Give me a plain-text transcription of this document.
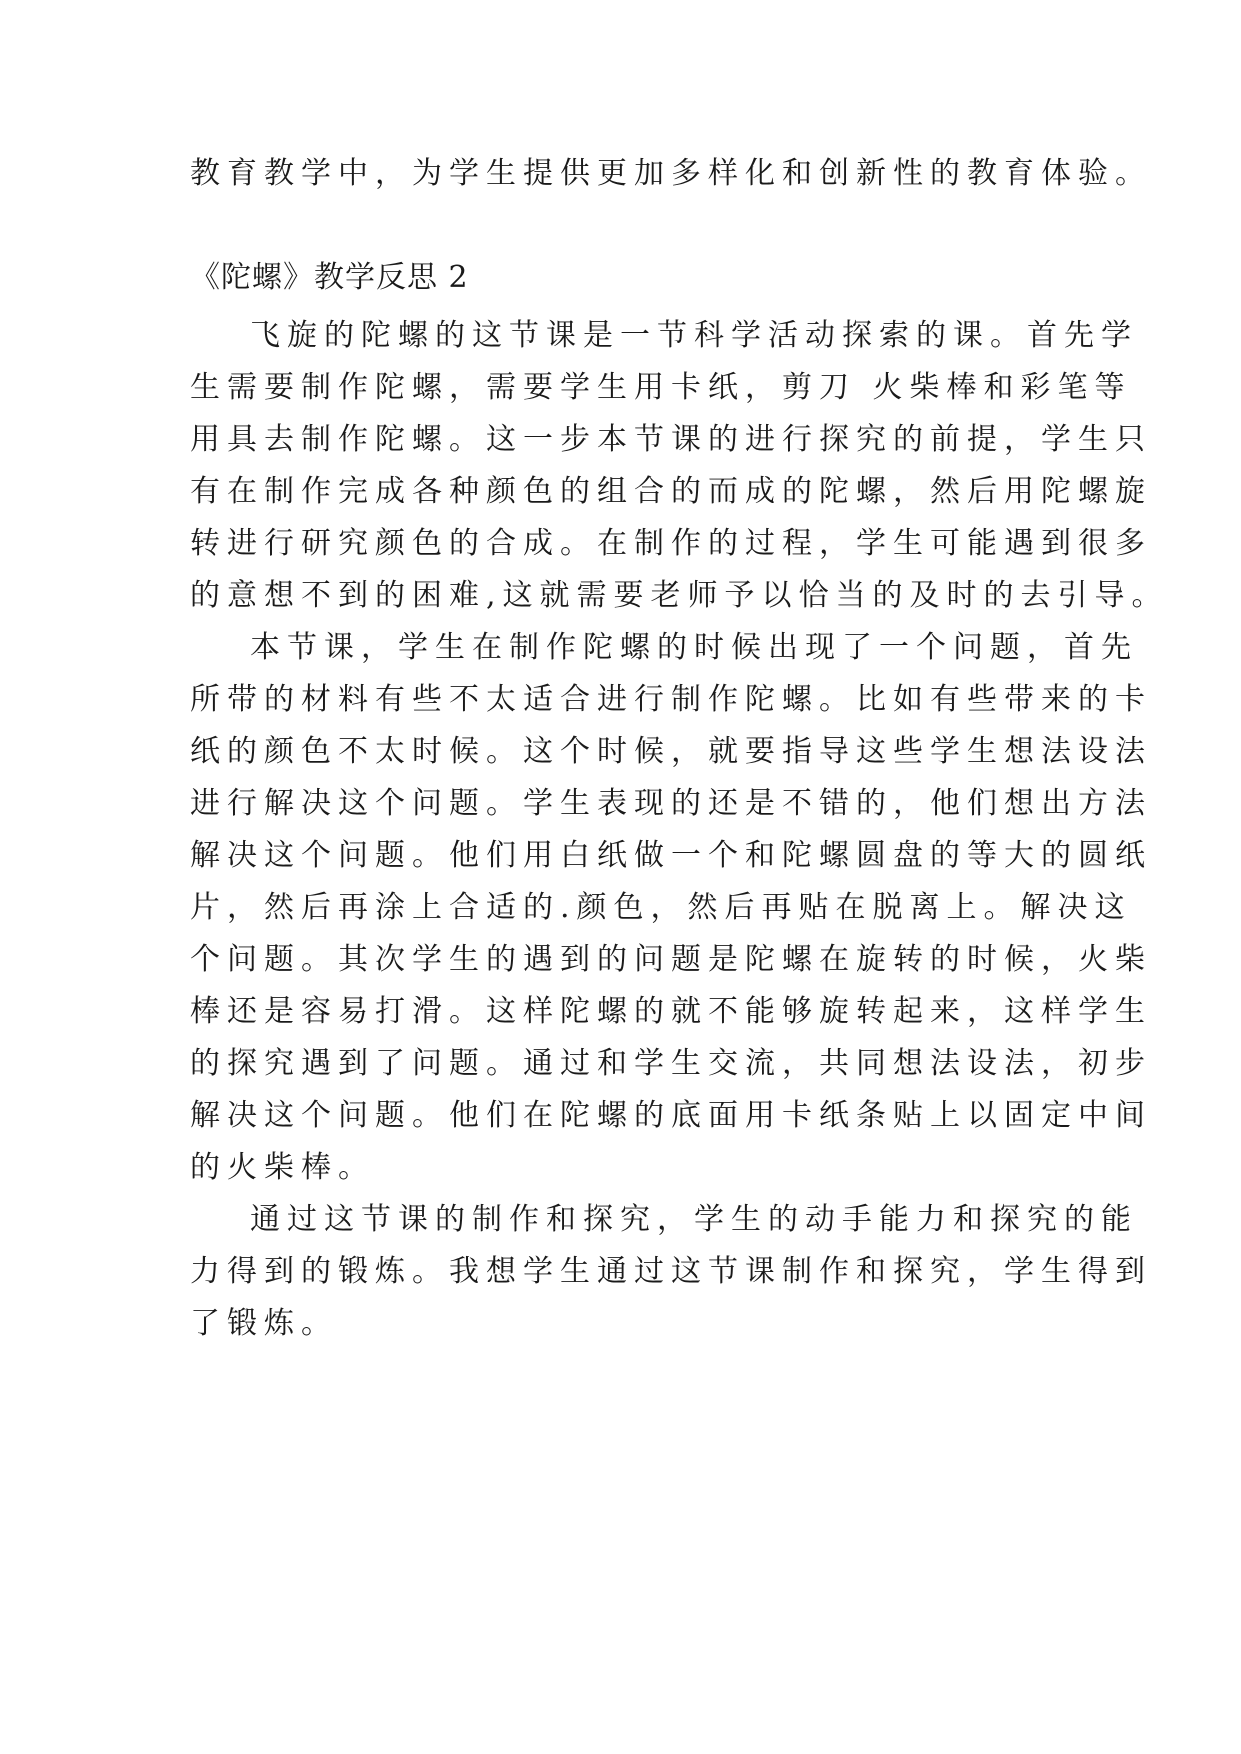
教育教学中，为学生提供更加多样化和创新性的教育体验。
《陀螺》教学反思 2
飞旋的陀螺的这节课是一节科学活动探索的课。首先学
生需要制作陀螺，需要学生用卡纸，剪刀 火柴棒和彩笔等
用具去制作陀螺。这一步本节课的进行探究的前提，学生只
有在制作完成各种颜色的组合的而成的陀螺，然后用陀螺旋
转进行研究颜色的合成。在制作的过程，学生可能遇到很多
的意想不到的困难,这就需要老师予以恰当的及时的去引导。
本节课，学生在制作陀螺的时候出现了一个问题，首先
所带的材料有些不太适合进行制作陀螺。比如有些带来的卡
纸的颜色不太时候。这个时候，就要指导这些学生想法设法
进行解决这个问题。学生表现的还是不错的，他们想出方法
解决这个问题。他们用白纸做一个和陀螺圆盘的等大的圆纸
片，然后再涂上合适的.颜色，然后再贴在脱离上。解决这
个问题。其次学生的遇到的问题是陀螺在旋转的时候，火柴
棒还是容易打滑。这样陀螺的就不能够旋转起来，这样学生
的探究遇到了问题。通过和学生交流，共同想法设法，初步
解决这个问题。他们在陀螺的底面用卡纸条贴上以固定中间
的火柴棒。
通过这节课的制作和探究，学生的动手能力和探究的能
力得到的锻炼。我想学生通过这节课制作和探究，学生得到
了锻炼。
